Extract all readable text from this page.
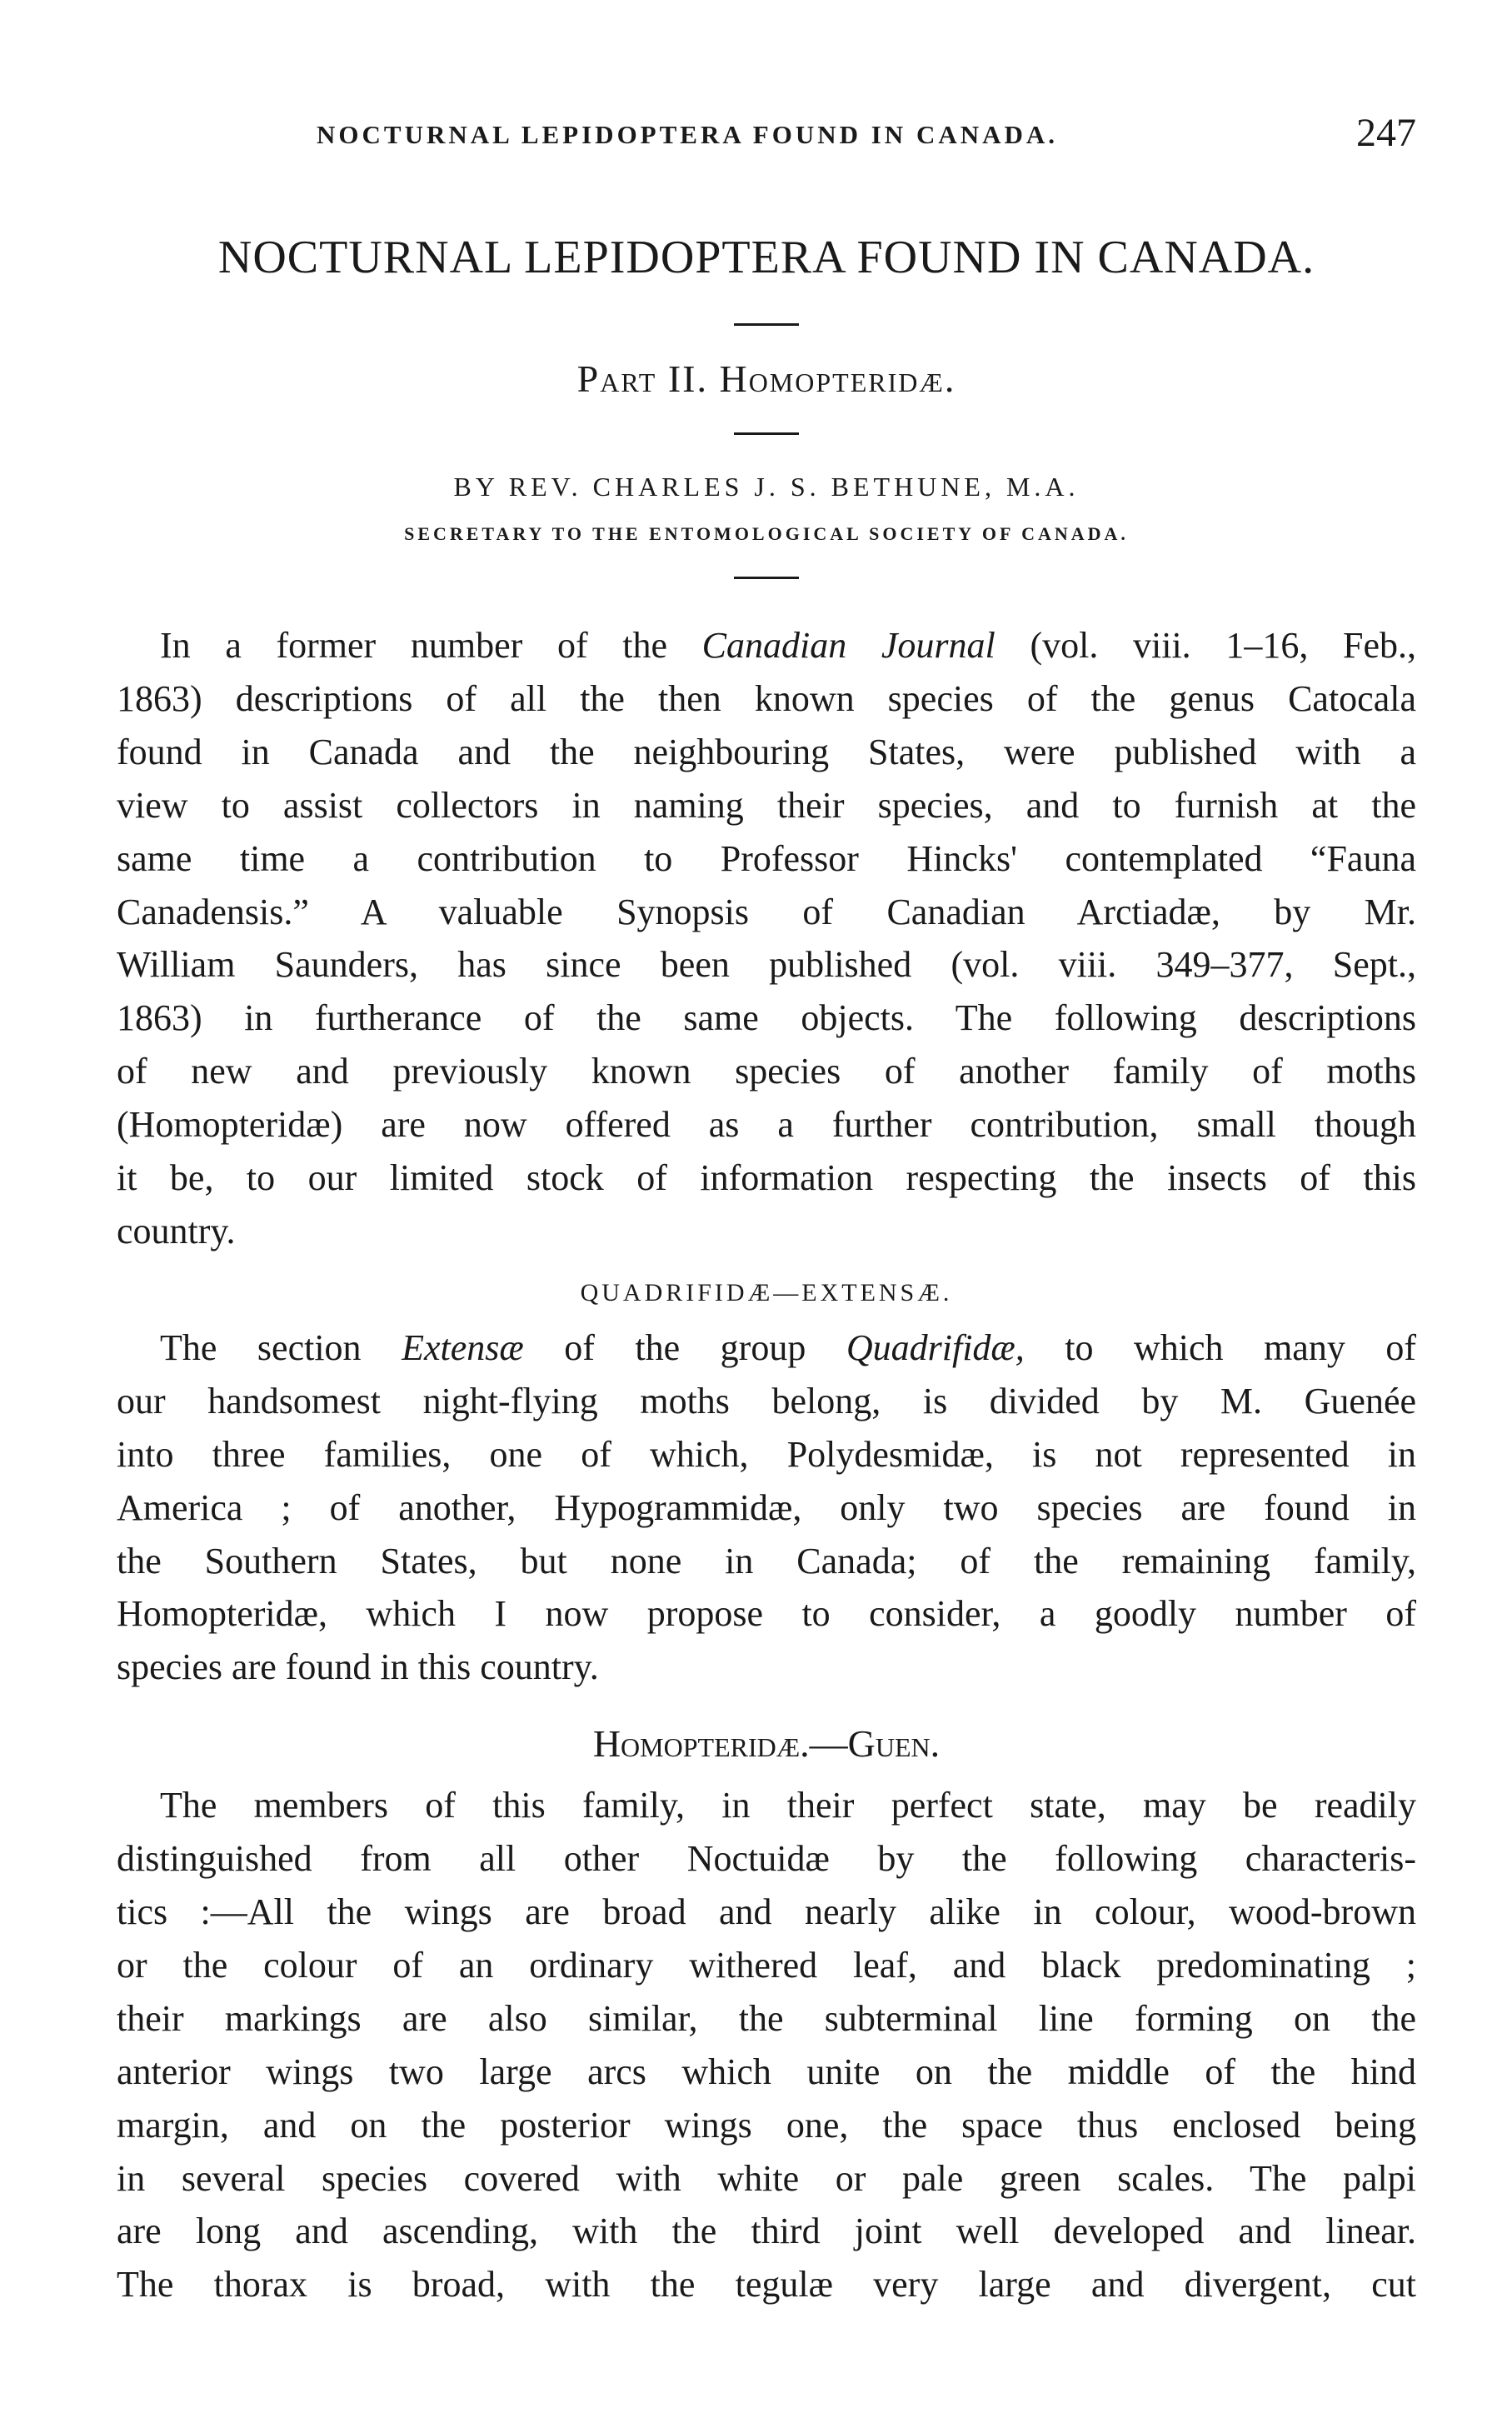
NOCTURNAL LEPIDOPTERA FOUND IN CANADA.	247
NOCTURNAL LEPIDOPTERA FOUND IN CANADA.
Part II. Homopteridæ.
BY REV. CHARLES J. S. BETHUNE, M.A.
SECRETARY TO THE ENTOMOLOGICAL SOCIETY OF CANADA.

In a former number of the Canadian Journal (vol. viii. 1–16, Feb.,
1863) descriptions of all the then known species of the genus Catocala
found in Canada and the neighbouring States, were published with a
view to assist collectors in naming their species, and to furnish at the
same time a contribution to Professor Hincks' contemplated “Fauna
Canadensis.” A valuable Synopsis of Canadian Arctiadæ, by Mr.
William Saunders, has since been published (vol. viii. 349–377, Sept.,
1863) in furtherance of the same objects. The following descriptions
of new and previously known species of another family of moths
(Homopteridæ) are now offered as a further contribution, small though
it be, to our limited stock of information respecting the insects of this
country.

QUADRIFIDÆ—EXTENSÆ.

The section Extensæ of the group Quadrifidæ, to which many of
our handsomest night-flying moths belong, is divided by M. Guenée
into three families, one of which, Polydesmidæ, is not represented in
America ; of another, Hypogrammidæ, only two species are found in
the Southern States, but none in Canada; of the remaining family,
Homopteridæ, which I now propose to consider, a goodly number of
species are found in this country.

Homopteridæ.—Guen.

The members of this family, in their perfect state, may be readily
distinguished from all other Noctuidæ by the following characteris-
tics :—All the wings are broad and nearly alike in colour, wood-brown
or the colour of an ordinary withered leaf, and black predominating ;
their markings are also similar, the subterminal line forming on the
anterior wings two large arcs which unite on the middle of the hind
margin, and on the posterior wings one, the space thus enclosed being
in several species covered with white or pale green scales. The palpi
are long and ascending, with the third joint well developed and linear.
The thorax is broad, with the tegulæ very large and divergent, cut
